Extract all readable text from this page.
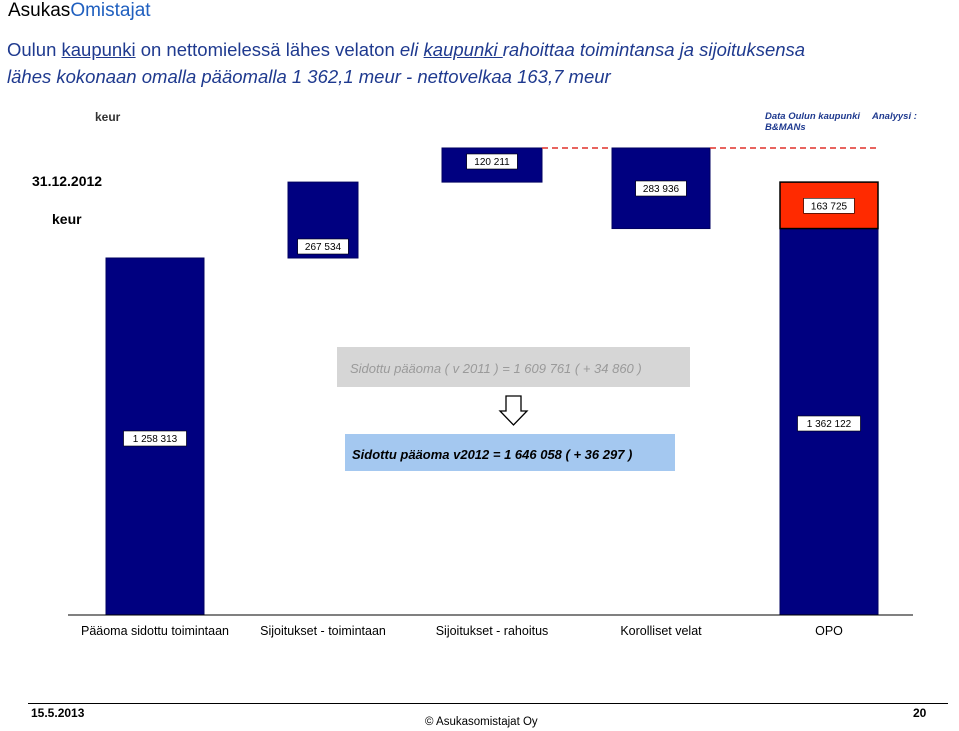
AsukasOmistajat
Oulun kaupunki on nettomielessä lähes velaton eli kaupunki rahoittaa toimintansa ja sijoituksensa
lähes kokonaan omalla pääomalla 1 362,1 meur - nettovelkaa 163,7 meur
keur	Data Oulun kaupunki Analyysi : B&MANs
31.12.2012
keur
1 258 313
267 534
120 211
283 936
1 362 122
163 725
Pääoma sidottu toimintaan Sijoitukset - toimintaan	Sijoitukset - rahoitus	Korolliset velat	OPO
Sidottu pääoma ( v 2011 ) = 1 609 761 ( + 34 860 )
Sidottu pääoma v2012 = 1 646 058 ( + 36 297 )
15.5.2013
© Asukasomistajat Oy
20
